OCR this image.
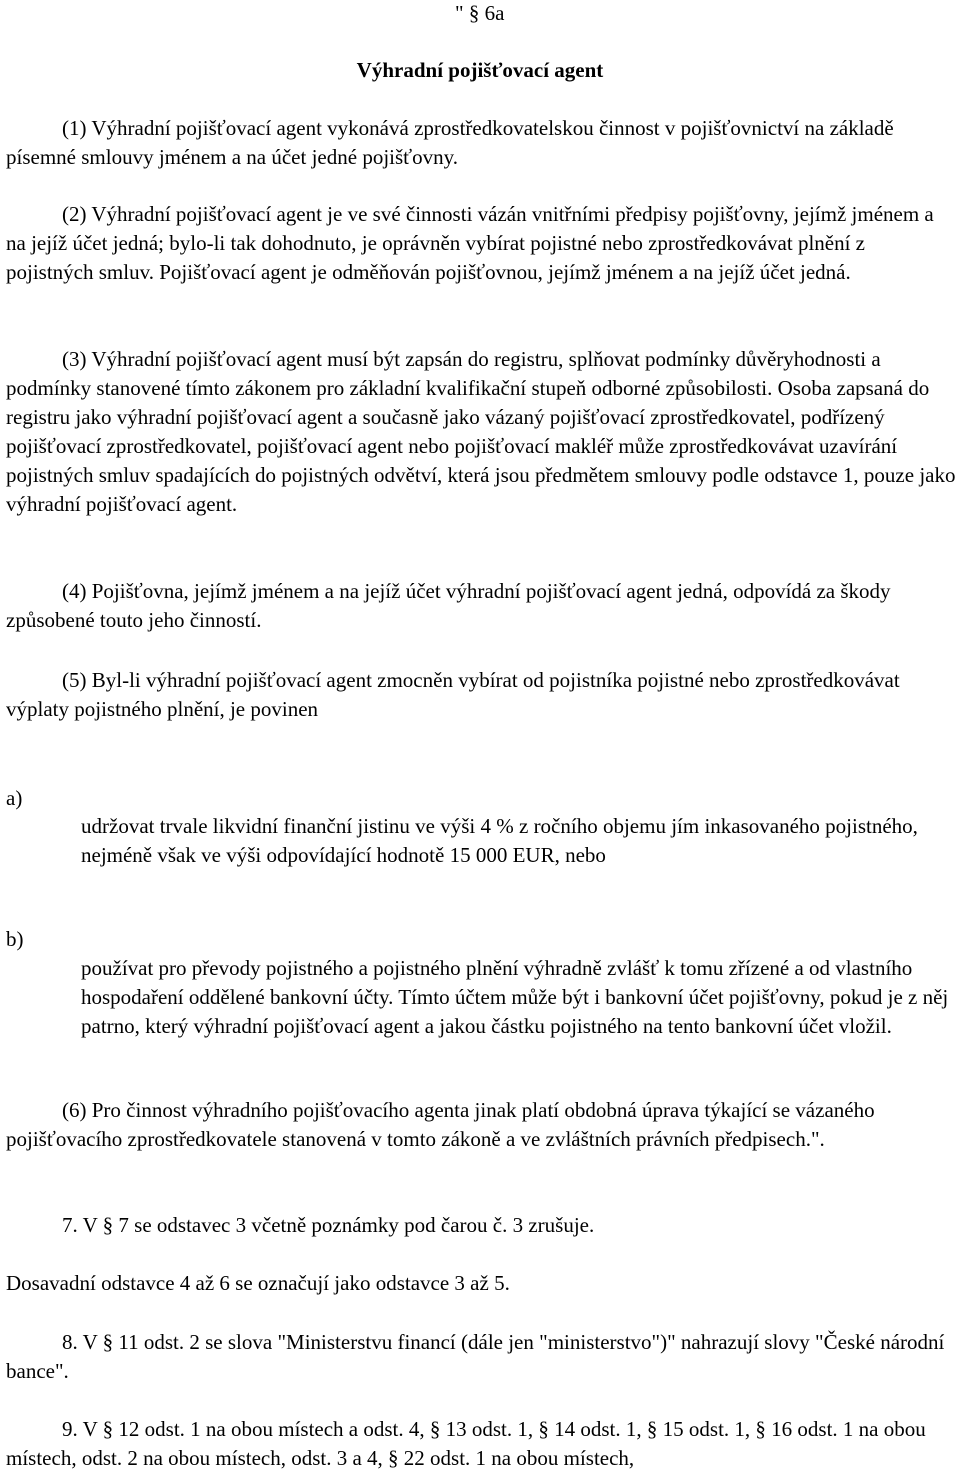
" § 6a

Výhradní pojišťovací agent

(1) Výhradní pojišťovací agent vykonává zprostředkovatelskou činnost v pojišťovnictví na základě písemné smlouvy jménem a na účet jedné pojišťovny.

(2) Výhradní pojišťovací agent je ve své činnosti vázán vnitřními předpisy pojišťovny, jejímž jménem a na jejíž účet jedná; bylo-li tak dohodnuto, je oprávněn vybírat pojistné nebo zprostředkovávat plnění z pojistných smluv. Pojišťovací agent je odměňován pojišťovnou, jejímž jménem a na jejíž účet jedná.

(3) Výhradní pojišťovací agent musí být zapsán do registru, splňovat podmínky důvěryhodnosti a podmínky stanovené tímto zákonem pro základní kvalifikační stupeň odborné způsobilosti. Osoba zapsaná do registru jako výhradní pojišťovací agent a současně jako vázaný pojišťovací zprostředkovatel, podřízený pojišťovací zprostředkovatel, pojišťovací agent nebo pojišťovací makléř může zprostředkovávat uzavírání pojistných smluv spadajících do pojistných odvětví, která jsou předmětem smlouvy podle odstavce 1, pouze jako výhradní pojišťovací agent.

(4) Pojišťovna, jejímž jménem a na jejíž účet výhradní pojišťovací agent jedná, odpovídá za škody způsobené touto jeho činností.

(5) Byl-li výhradní pojišťovací agent zmocněn vybírat od pojistníka pojistné nebo zprostředkovávat výplaty pojistného plnění, je povinen

a)

udržovat trvale likvidní finanční jistinu ve výši 4 % z ročního objemu jím inkasovaného pojistného, nejméně však ve výši odpovídající hodnotě 15 000 EUR, nebo

b)

používat pro převody pojistného a pojistného plnění výhradně zvlášť k tomu zřízené a od vlastního hospodaření oddělené bankovní účty. Tímto účtem může být i bankovní účet pojišťovny, pokud je z něj patrno, který výhradní pojišťovací agent a jakou částku pojistného na tento bankovní účet vložil.

(6) Pro činnost výhradního pojišťovacího agenta jinak platí obdobná úprava týkající se vázaného pojišťovacího zprostředkovatele stanovená v tomto zákoně a ve zvláštních právních předpisech.".

7. V § 7 se odstavec 3 včetně poznámky pod čarou č. 3 zrušuje.

Dosavadní odstavce 4 až 6 se označují jako odstavce 3 až 5.

8. V § 11 odst. 2 se slova "Ministerstvu financí (dále jen "ministerstvo")" nahrazují slovy "České národní bance".

9. V § 12 odst. 1 na obou místech a odst. 4, § 13 odst. 1, § 14 odst. 1, § 15 odst. 1, § 16 odst. 1 na obou místech, odst. 2 na obou místech, odst. 3 a 4, § 22 odst. 1 na obou místech,
